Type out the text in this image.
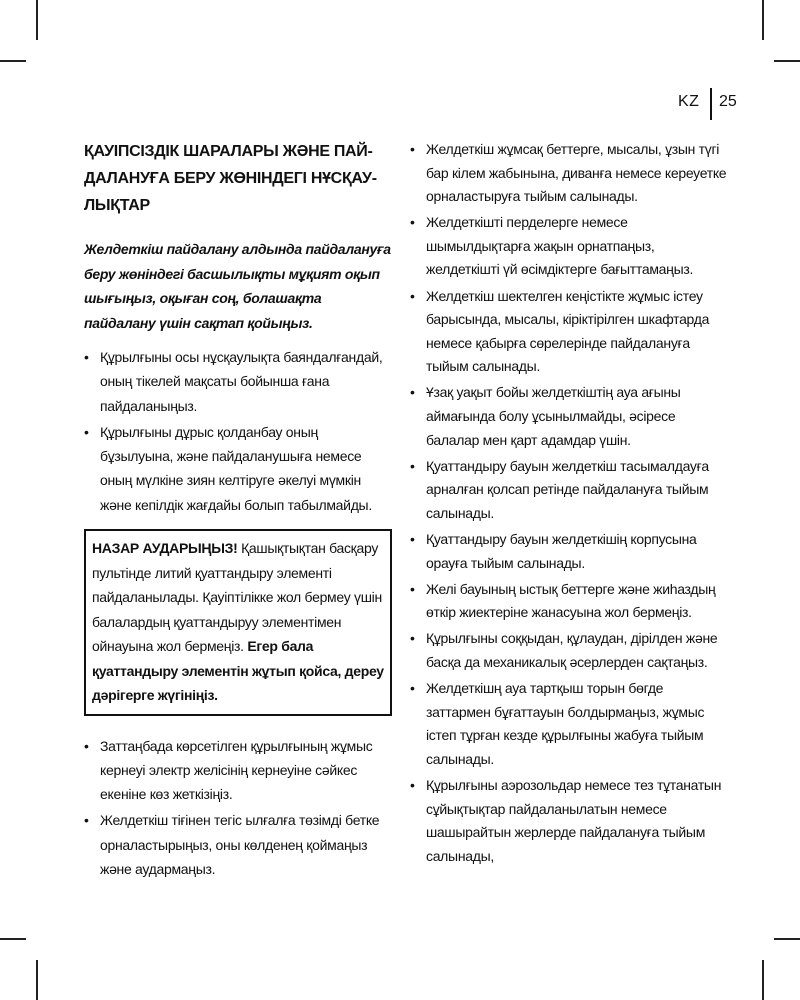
KZ 25
ҚАУІПСІЗДІК ШАРАЛАРЫ ЖӘНЕ ПАЙ-ДАЛАНУҒА БЕРУ ЖӨНІНДЕГІ НҰСҚАУ-ЛЫҚТАР

Желдеткіш пайдалану алдында пайдалануға беру жөніндегі басшылықты мұқият оқып шығыңыз, оқыған соң, болашақта пайдалану үшін сақтап қойыңыз.

• Құрылғыны осы нұсқаулықта баяндалғандай, оның тікелей мақсаты бойынша ғана пайдаланыңыз.
• Құрылғыны дұрыс қолданбау оның бұзылуына, және пайдаланушыға немесе оның мүлкіне зиян келтіруге әкелуі мүмкін және кепілдік жағдайы болып табылмайды.
НАЗАР АУДАРЫҢЫЗ! Қашықтықтан басқару пультінде литий қуаттандыру элементі пайдаланылады. Қауіптілікке жол бермеу үшін балалардың қуаттандыруу элементімен ойнауына жол бермеңіз. Егер бала қуаттандыру элементін жұтып қойса, дереу дәрігерге жүгініңіз.
• Заттаңбада көрсетілген құрылғының жұмыс кернеуі электр желісінің кернеуіне сәйкес екеніне көз жеткізіңіз.
• Желдеткіш тіғінен тегіс ылғалға төзімді бетке орналастырыңыз, оны көлденең қоймаңыз және аудармаңыз.
• Желдеткіш жұмсақ беттерге, мысалы, ұзын түгі бар кілем жабынына, диванға немесе кереуетке орналастыруға тыйым салынады.
• Желдеткішті перделерге немесе шымылдықтарға жақын орнатпаңыз, желдеткішті үй өсімдіктерге бағыттамаңыз.
• Желдеткіш шектелген кеңістікте жұмыс істеу барысында, мысалы, кіріктірілген шкафтарда немесе қабырға сөрелерінде пайдалануға тыйым салынады.
• Ұзақ уақыт бойы желдеткіштің ауа ағыны аймағында болу ұсынылмайды, әсіресе балалар мен қарт адамдар үшін.
• Қуаттандыру бауын желдеткіш тасымалдауға арналған қолсап ретінде пайдалануға тыйым салынады.
• Қуаттандыру бауын желдеткішің корпусына орауға тыйым салынады.
• Желі бауының ыстық беттерге және жиһаздың өткір жиектеріне жанасуына жол бермеңіз.
• Құрылғыны соққыдан, құлаудан, дірілден және басқа да механикалық әсерлерден сақтаңыз.
• Желдеткішң ауа тартқыш торын бөгде заттармен бұғаттауын болдырмаңыз, жұмыс істеп тұрған кезде құрылғыны жабуға тыйым салынады.
• Құрылғыны аэрозольдар немесе тез тұтанатын сұйықтықтар пайдаланылатын немесе шашырайтын жерлерде пайдалануға тыйым салынады,
